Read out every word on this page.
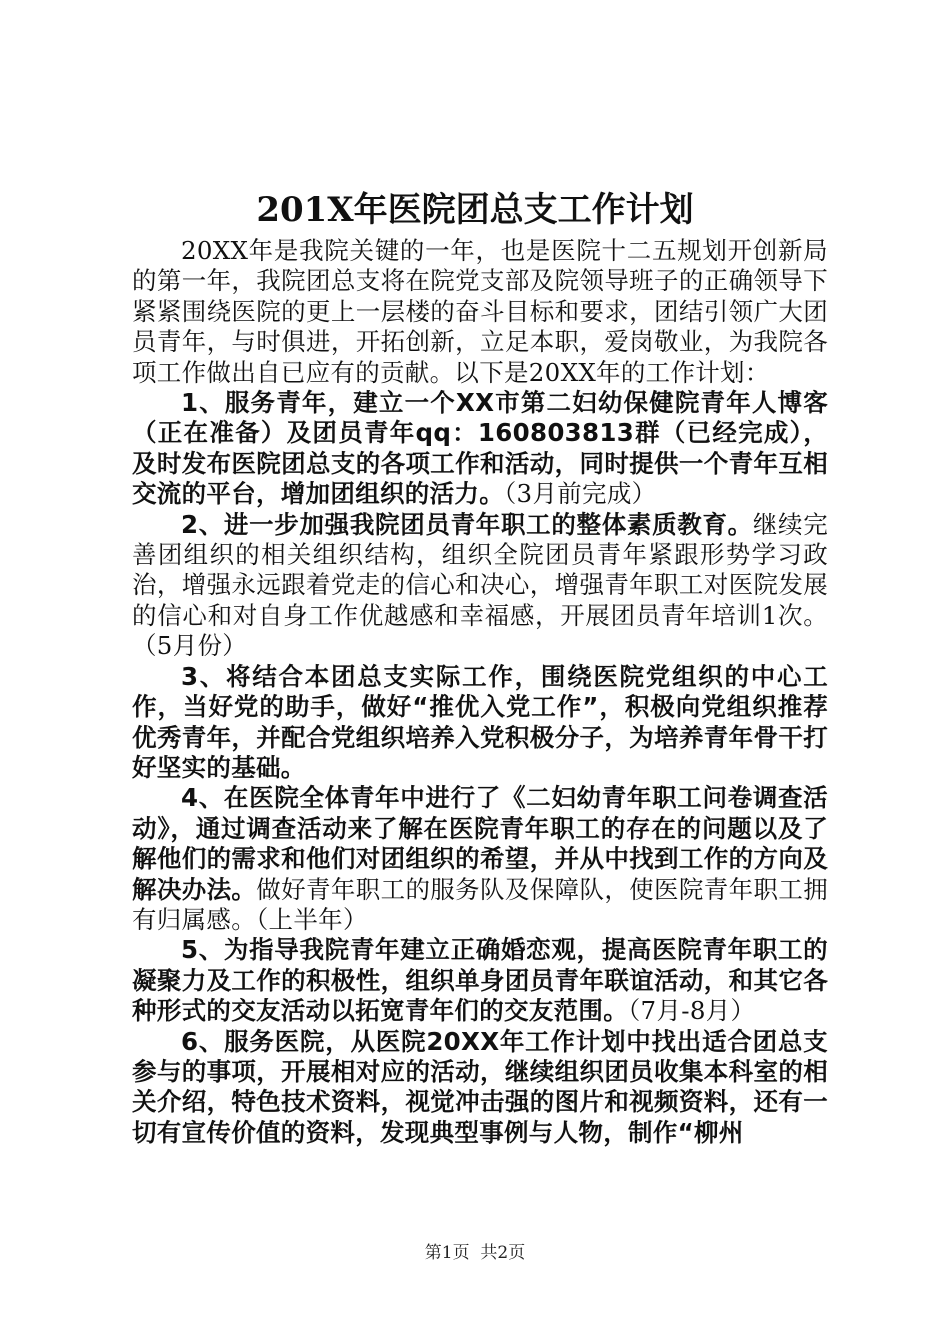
201X年医院团总支工作计划

20XX年是我院关键的一年，也是医院十二五规划开创新局的第一年，我院团总支将在院党支部及院领导班子的正确领导下紧紧围绕医院的更上一层楼的奋斗目标和要求，团结引领广大团员青年，与时俱进，开拓创新，立足本职，爱岗敬业，为我院各项工作做出自已应有的贡献。以下是20XX年的工作计划：

1、服务青年，建立一个XX市第二妇幼保健院青年人博客（正在准备）及团员青年qq：160803813群（已经完成），及时发布医院团总支的各项工作和活动，同时提供一个青年互相交流的平台，增加团组织的活力。（3月前完成）

2、进一步加强我院团员青年职工的整体素质教育。继续完善团组织的相关组织结构，组织全院团员青年紧跟形势学习政治，增强永远跟着党走的信心和决心，增强青年职工对医院发展的信心和对自身工作优越感和幸福感，开展团员青年培训1次。（5月份）

3、将结合本团总支实际工作，围绕医院党组织的中心工作，当好党的助手，做好“推优入党工作”，积极向党组织推荐优秀青年，并配合党组织培养入党积极分子，为培养青年骨干打好坚实的基础。

4、在医院全体青年中进行了《二妇幼青年职工问卷调查活动》，通过调查活动来了解在医院青年职工的存在的问题以及了解他们的需求和他们对团组织的希望，并从中找到工作的方向及解决办法。做好青年职工的服务队及保障队，使医院青年职工拥有归属感。（上半年）

5、为指导我院青年建立正确婚恋观，提高医院青年职工的凝聚力及工作的积极性，组织单身团员青年联谊活动，和其它各种形式的交友活动以拓宽青年们的交友范围。（7月-8月）

6、服务医院，从医院20XX年工作计划中找出适合团总支参与的事项，开展相对应的活动，继续组织团员收集本科室的相关介绍，特色技术资料，视觉冲击强的图片和视频资料，还有一切有宣传价值的资料，发现典型事例与人物，制作“柳州

第1页 共2页
